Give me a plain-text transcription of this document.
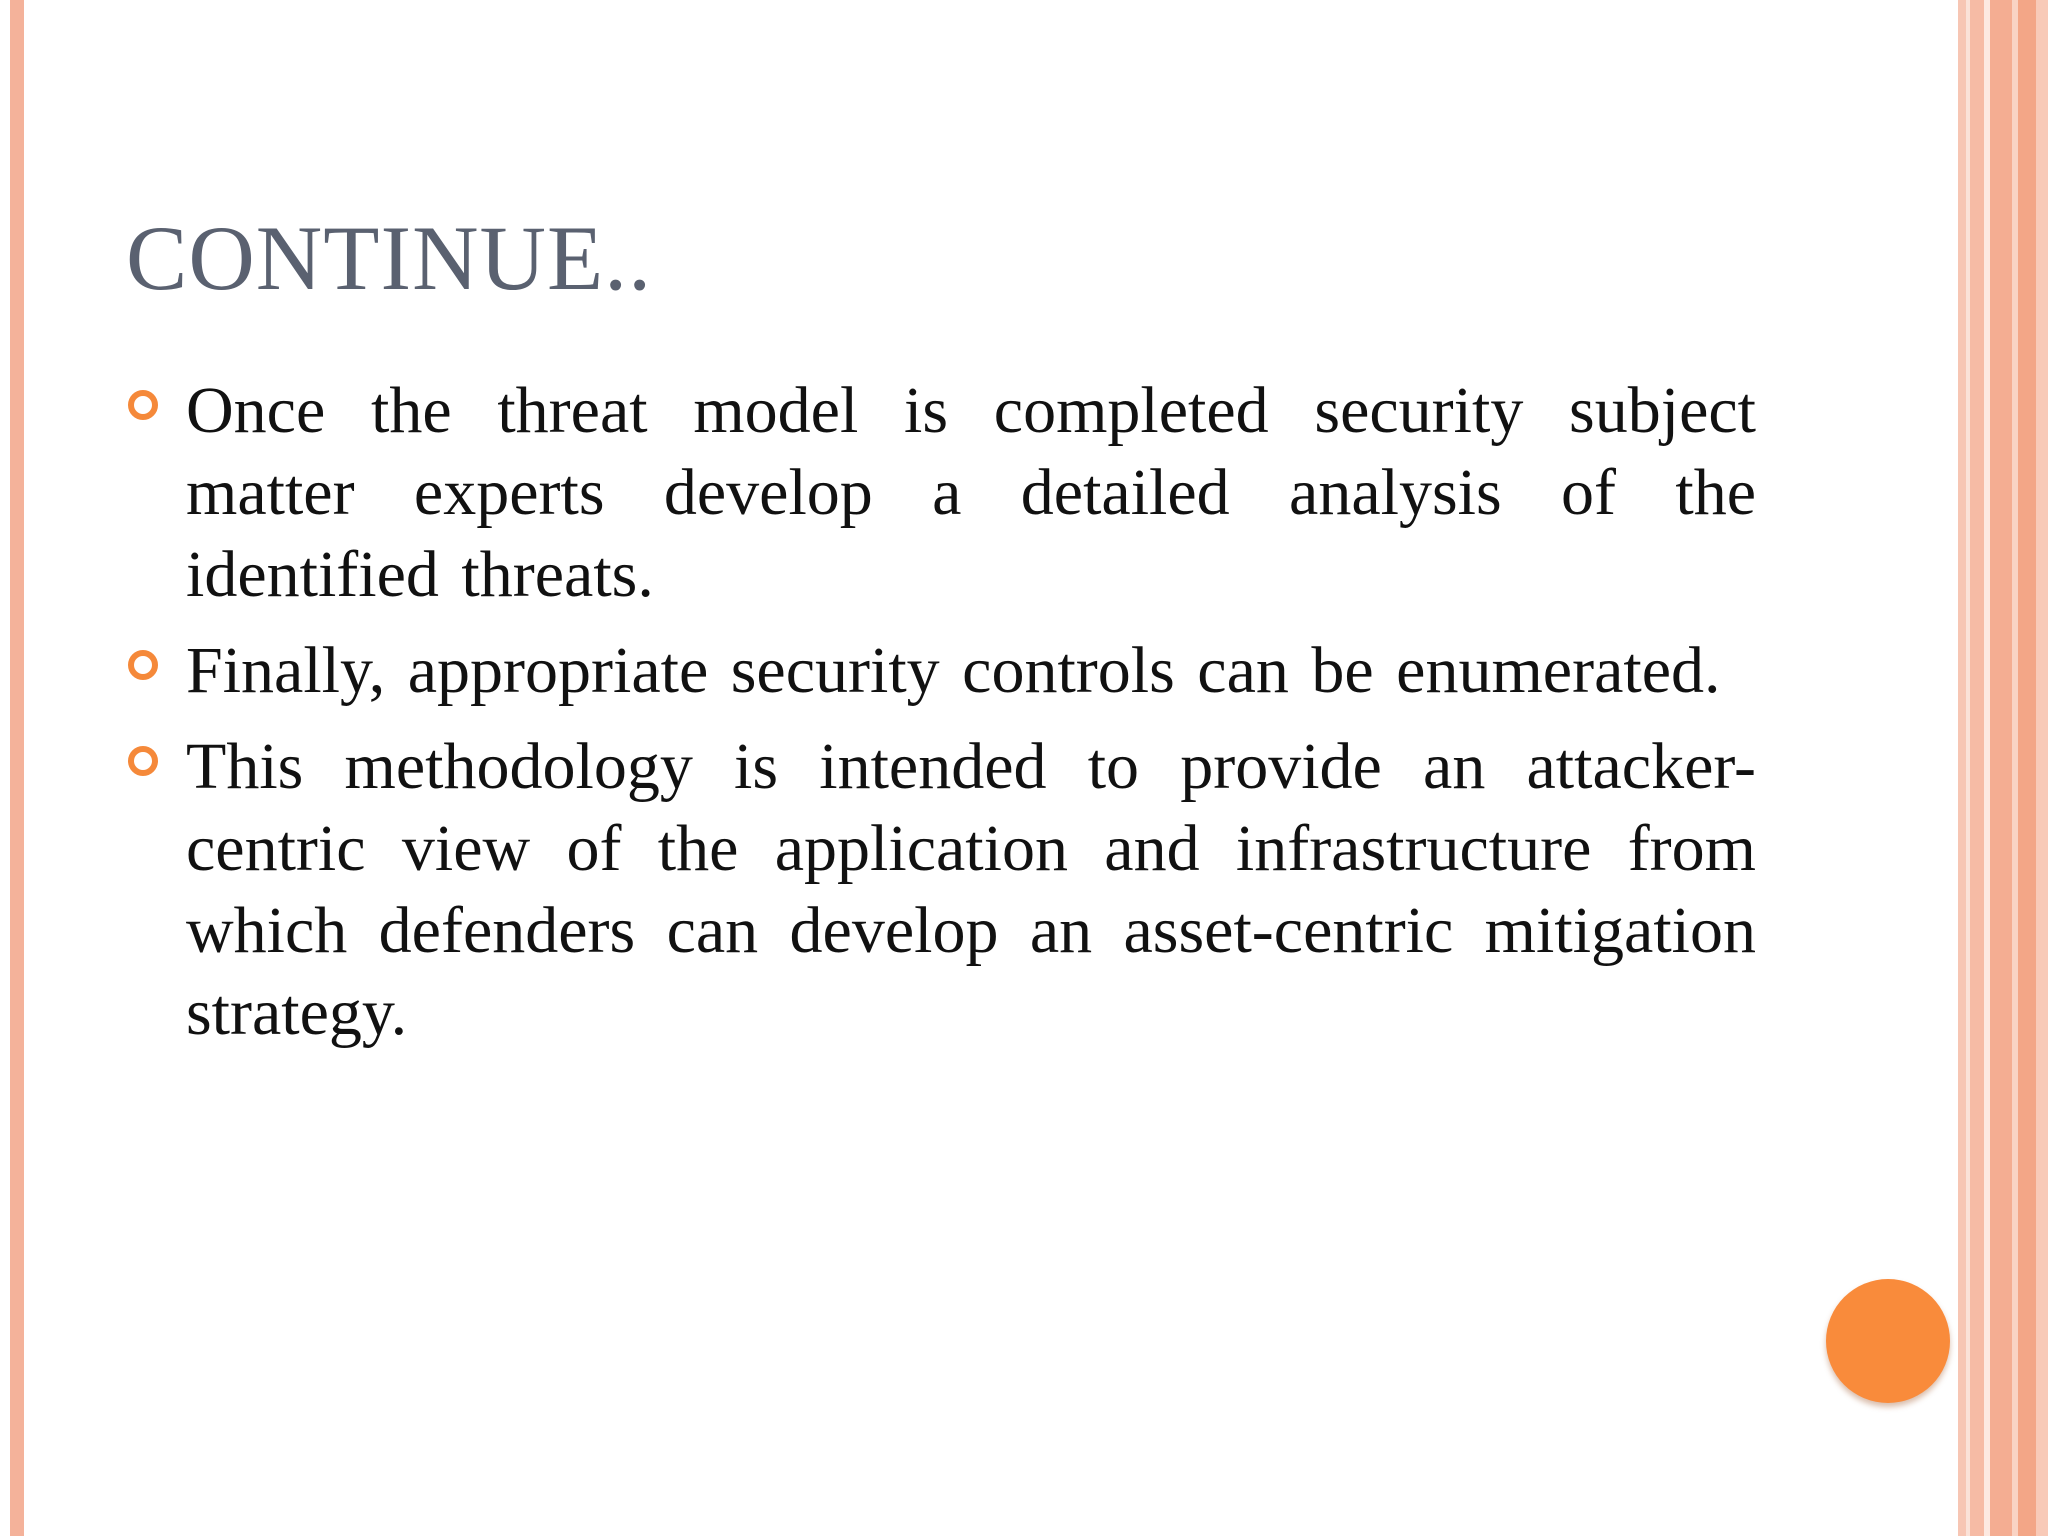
CONTINUE..
Once the threat model is completed security subject matter experts develop a detailed analysis of the identified threats.
Finally, appropriate security controls can be enumerated.
This methodology is intended to provide an attacker-centric view of the application and infrastructure from which defenders can develop an asset-centric mitigation strategy.
